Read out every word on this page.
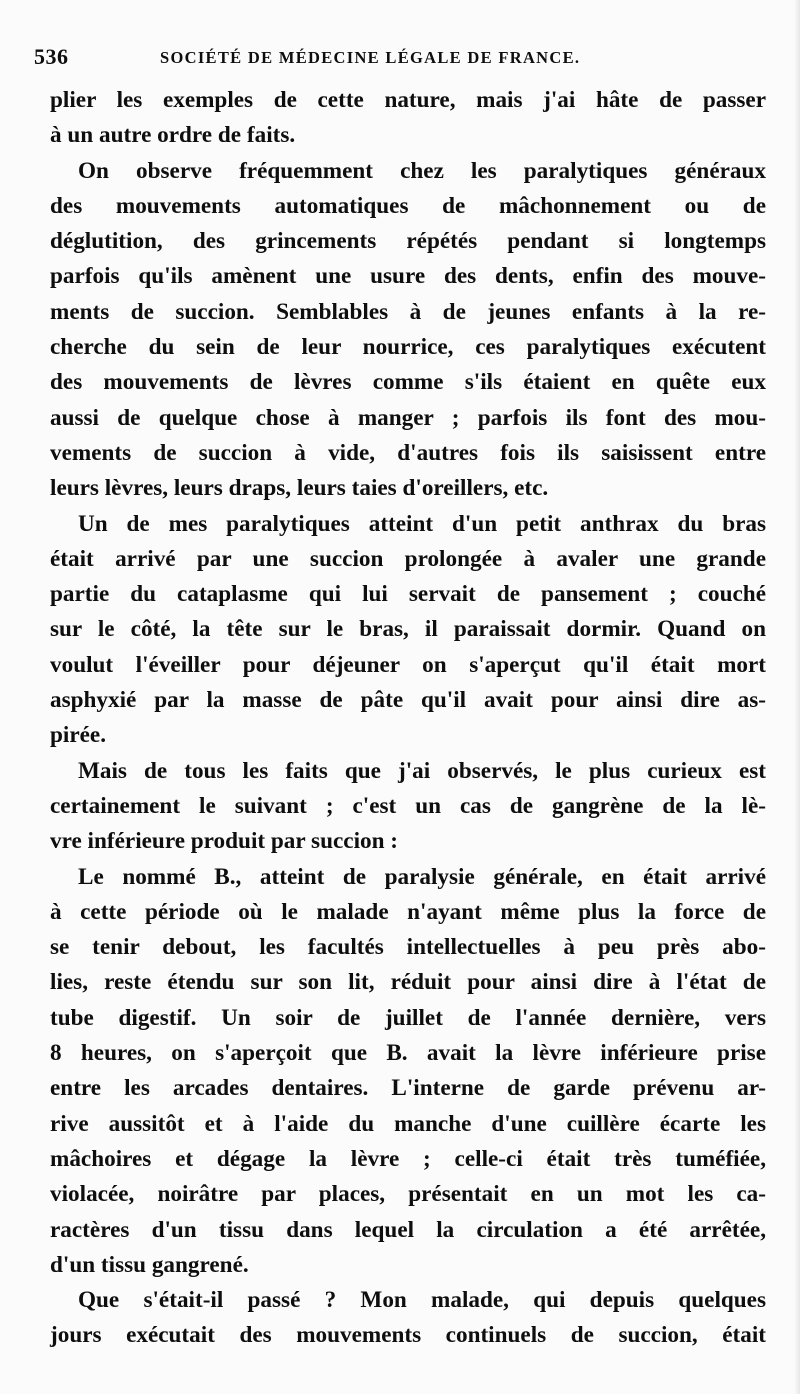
536	SOCIÉTÉ DE MÉDECINE LÉGALE DE FRANCE.
plier les exemples de cette nature, mais j'ai hâte de passer
à un autre ordre de faits.
On observe fréquemment chez les paralytiques généraux
des mouvements automatiques de mâchonnement ou de
déglutition, des grincements répétés pendant si longtemps
parfois qu'ils amènent une usure des dents, enfin des mouve-
ments de succion. Semblables à de jeunes enfants à la re-
cherche du sein de leur nourrice, ces paralytiques exécutent
des mouvements de lèvres comme s'ils étaient en quête eux
aussi de quelque chose à manger ; parfois ils font des mou-
vements de succion à vide, d'autres fois ils saisissent entre
leurs lèvres, leurs draps, leurs taies d'oreillers, etc.
Un de mes paralytiques atteint d'un petit anthrax du bras
était arrivé par une succion prolongée à avaler une grande
partie du cataplasme qui lui servait de pansement ; couché
sur le côté, la tête sur le bras, il paraissait dormir. Quand on
voulut l'éveiller pour déjeuner on s'aperçut qu'il était mort
asphyxié par la masse de pâte qu'il avait pour ainsi dire as-
pirée.
Mais de tous les faits que j'ai observés, le plus curieux est
certainement le suivant ; c'est un cas de gangrène de la lè-
vre inférieure produit par succion :
Le nommé B., atteint de paralysie générale, en était arrivé
à cette période où le malade n'ayant même plus la force de
se tenir debout, les facultés intellectuelles à peu près abo-
lies, reste étendu sur son lit, réduit pour ainsi dire à l'état de
tube digestif. Un soir de juillet de l'année dernière, vers
8 heures, on s'aperçoit que B. avait la lèvre inférieure prise
entre les arcades dentaires. L'interne de garde prévenu ar-
rive aussitôt et à l'aide du manche d'une cuillère écarte les
mâchoires et dégage la lèvre ; celle-ci était très tuméfiée,
violacée, noirâtre par places, présentait en un mot les ca-
ractères d'un tissu dans lequel la circulation a été arrêtée,
d'un tissu gangrené.
Que s'était-il passé ? Mon malade, qui depuis quelques
jours exécutait des mouvements continuels de succion, était
